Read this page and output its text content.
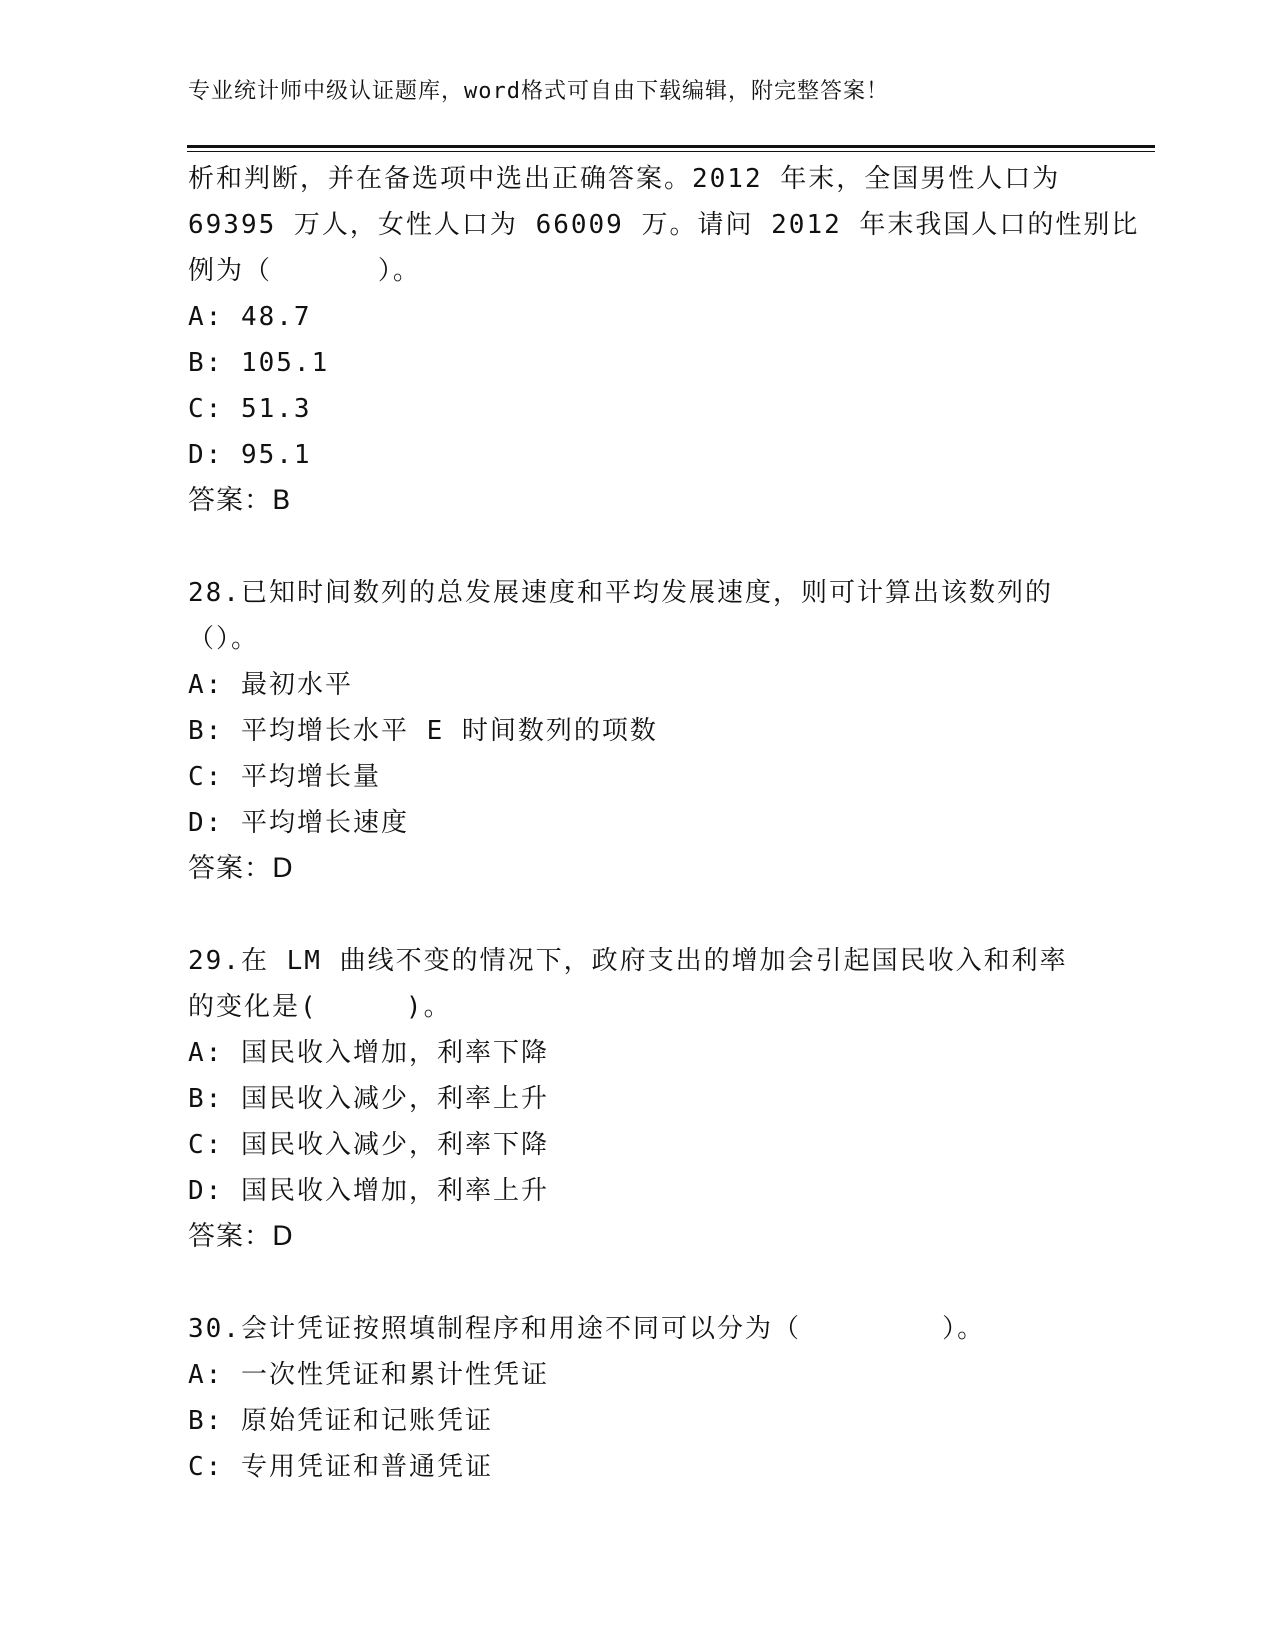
专业统计师中级认证题库，word格式可自由下载编辑，附完整答案！
析和判断，并在备选项中选出正确答案。2012 年末，全国男性人口为
69395 万人，女性人口为 66009 万。请问 2012 年末我国人口的性别比
例为（      ）。
A: 48.7
B: 105.1
C: 51.3
D: 95.1
答案：B
28.已知时间数列的总发展速度和平均发展速度，则可计算出该数列的
（）。
A: 最初水平
B: 平均增长水平 E 时间数列的项数
C: 平均增长量
D: 平均增长速度
答案：D
29.在 LM 曲线不变的情况下，政府支出的增加会引起国民收入和利率
的变化是(     )。
A: 国民收入增加，利率下降
B: 国民收入减少，利率上升
C: 国民收入减少，利率下降
D: 国民收入增加，利率上升
答案：D
30.会计凭证按照填制程序和用途不同可以分为（        ）。
A: 一次性凭证和累计性凭证
B: 原始凭证和记账凭证
C: 专用凭证和普通凭证
